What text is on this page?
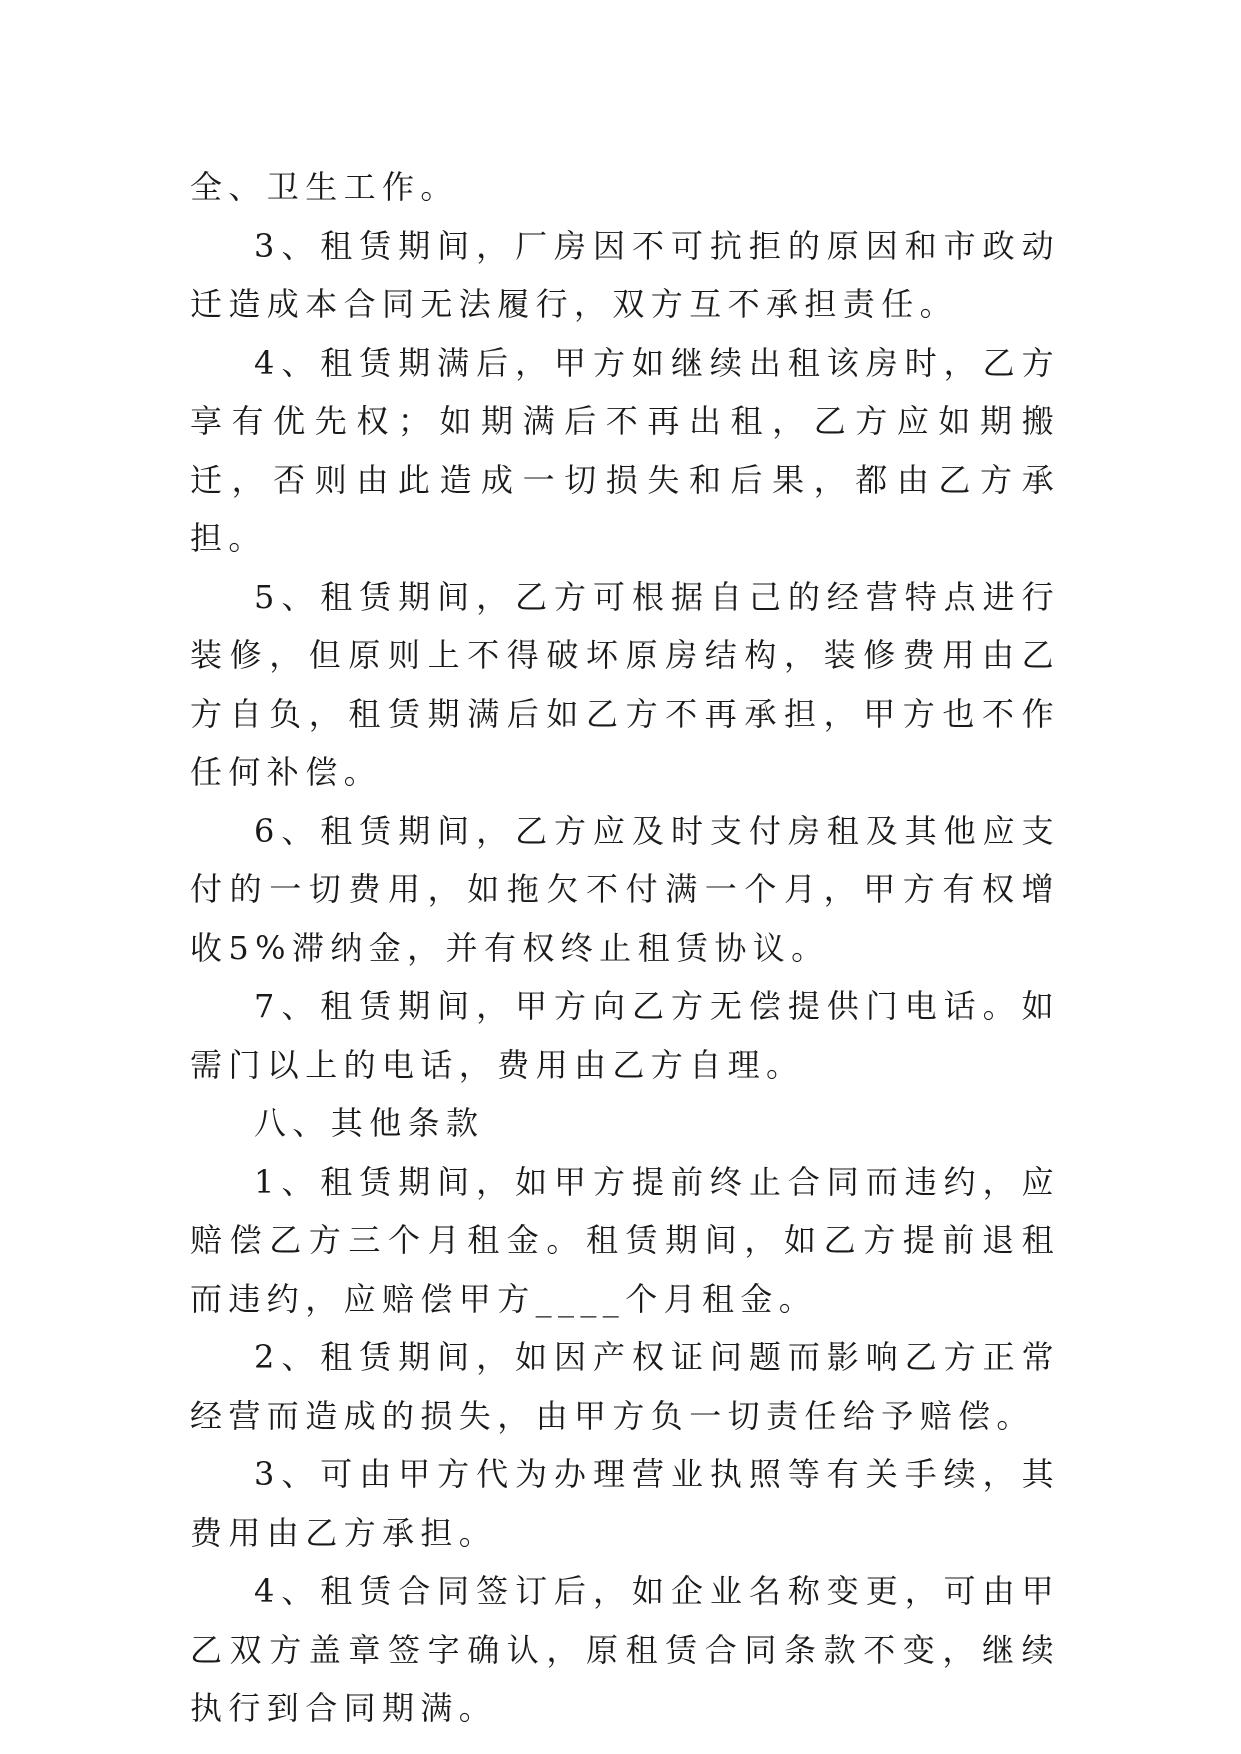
全、卫生工作。

3、租赁期间，厂房因不可抗拒的原因和市政动迁造成本合同无法履行，双方互不承担责任。

4、租赁期满后，甲方如继续出租该房时，乙方享有优先权；如期满后不再出租，乙方应如期搬迁，否则由此造成一切损失和后果，都由乙方承担。

5、租赁期间，乙方可根据自己的经营特点进行装修，但原则上不得破坏原房结构，装修费用由乙方自负，租赁期满后如乙方不再承担，甲方也不作任何补偿。

6、租赁期间，乙方应及时支付房租及其他应支付的一切费用，如拖欠不付满一个月，甲方有权增收5%滞纳金，并有权终止租赁协议。

7、租赁期间，甲方向乙方无偿提供门电话。如需门以上的电话，费用由乙方自理。

八、其他条款

1、租赁期间，如甲方提前终止合同而违约，应赔偿乙方三个月租金。租赁期间，如乙方提前退租而违约，应赔偿甲方____个月租金。

2、租赁期间，如因产权证问题而影响乙方正常经营而造成的损失，由甲方负一切责任给予赔偿。

3、可由甲方代为办理营业执照等有关手续，其费用由乙方承担。

4、租赁合同签订后，如企业名称变更，可由甲乙双方盖章签字确认，原租赁合同条款不变，继续执行到合同期满。
